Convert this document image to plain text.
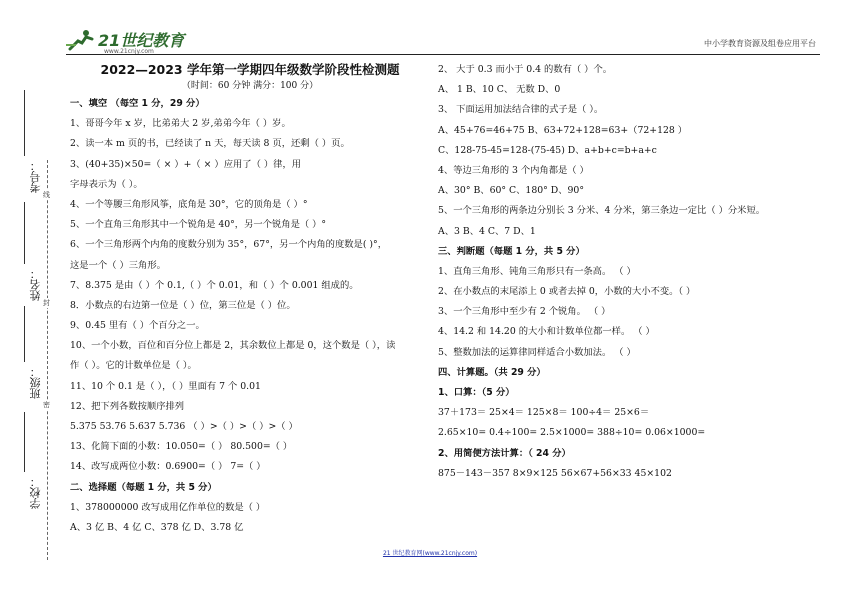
21世纪教育
www.21cnjy.com
中小学教育资源及组卷应用平台
考号：
姓名：
班级：
学校：
线
封
密
2022—2023 学年第一学期四年级数学阶段性检测题
（时间：60 分钟 满分：100 分）
一、填空 （每空 1 分，29 分）
1、哥哥今年 x 岁，比弟弟大 2 岁,弟弟今年（ ）岁。
2、读一本 m 页的书，已经读了 n 天，每天读 8 页，还剩（ ）页。
3、(40+35)×50=（ × ）+（ × ）应用了（ ）律，用
字母表示为（ ）。
4、一个等腰三角形风筝，底角是 30°，它的顶角是（ ）°
5、一个直角三角形其中一个锐角是 40°，另一个锐角是（ ）°
6、一个三角形两个内角的度数分别为 35°，67°，另一个内角的度数是( )°，
这是一个（ ）三角形。
7、8.375 是由（ ）个 0.1,（ ）个 0.01，和（ ）个 0.001 组成的。
8．小数点的右边第一位是（ ）位，第三位是（ ）位。
9、0.45 里有（ ）个百分之一。
10、一个小数，百位和百分位上都是 2，其余数位上都是 0，这个数是（ ），读
作（ ）。它的计数单位是（ ）。
11、10 个 0.1 是（ ），（ ）里面有 7 个 0.01
12、把下列各数按顺序排列
5.375 53.76 5.637 5.736 （ ）>（ ）>（ ）>（ ）
13、化简下面的小数：10.050=（ ） 80.500=（ ）
14、改写成两位小数：0.6900=（ ） 7=（ ）
二、选择题（每题 1 分，共 5 分）
1、378000000 改写成用亿作单位的数是（ ）
A、3 亿 B、4 亿 C、378 亿 D、3.78 亿
2、 大于 0.3 而小于 0.4 的数有（ ）个。
A、 1 B、10 C、 无数 D、0
3、 下面运用加法结合律的式子是（ ）。
A、45+76=46+75 B、63+72+128=63+（72+128 ）
C、128-75-45=128-(75-45) D、a+b+c=b+a+c
4、等边三角形的 3 个内角都是（ ）
A、30° B、60° C、180° D、90°
5、一个三角形的两条边分别长 3 分米、4 分米，第三条边一定比（ ）分米短。
A、3 B、4 C、7 D、1
三、判断题（每题 1 分，共 5 分）
1、直角三角形、钝角三角形只有一条高。 （ ）
2、在小数点的末尾添上 0 或者去掉 0，小数的大小不变。（ ）
3、一个三角形中至少有 2 个锐角。 （ ）
4、14.2 和 14.20 的大小和计数单位都一样。 （ ）
5、整数加法的运算律同样适合小数加法。 （ ）
四、计算题。（共 29 分）
1、口算：（5 分）
37＋173＝ 25×4＝ 125×8＝ 100÷4＝ 25×6＝
2.65×10= 0.4÷100= 2.5×1000= 388÷10= 0.06×1000=
2、用简便方法计算：（ 24 分）
875－143－357 8×9×125 56×67+56×33 45×102
21 世纪教育网(www.21cnjy.com)
